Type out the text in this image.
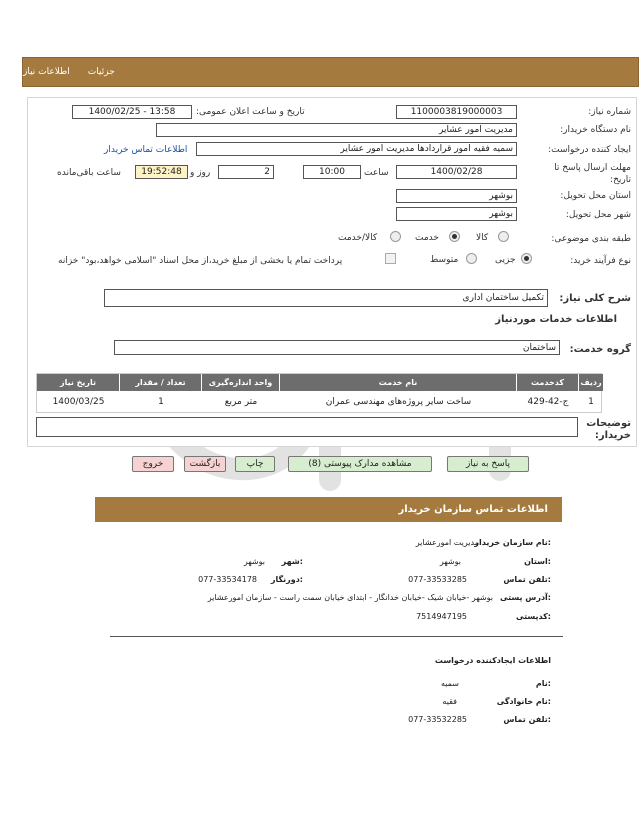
جزئیات
اطلاعات نیاز
شماره نیاز:
1100003819000003
تاریخ و ساعت اعلان عمومی:
1400/02/25 - 13:58
نام دستگاه خریدار:
مدیریت امور عشایر
ایجاد کننده درخواست:
سمیه فقیه امور قراردادها مدیریت امور عشایر
اطلاعات تماس خریدار
مهلت ارسال پاسخ تا تاریخ:
1400/02/28
ساعت
10:00
2
روز و
19:52:48
ساعت باقی‌مانده
استان محل تحویل:
بوشهر
شهر محل تحویل:
بوشهر
طبقه بندی موضوعی:
کالا
خدمت
کالا/خدمت
نوع فرآیند خرید:
جزیی
متوسط
پرداخت تمام یا بخشی از مبلغ خرید،از محل اسناد "اسلامی خواهد،بود" خزانه
شرح کلی نیاز:
تکمیل ساختمان اداری
اطلاعات خدمات موردنیاز
گروه خدمت:
ساختمان
تاریخ نیاز	تعداد / مقدار	واحد اندازه‌گیری	نام خدمت	کدخدمت	ردیف
1400/03/25	1	متر مربع	ساخت سایر پروژه‌های مهندسی عمران	ج-42-429	1
توضیحات خریدار:
پاسخ به نیاز
مشاهده مدارک پیوستی (8)
چاپ
بازگشت
خروج
اطلاعات تماس سازمان خریدار
نام سازمان خریدار:
مدیریت امورعشایر
استان:
بوشهر
شهر:
بوشهر
تلفن تماس:
077-33533285
دورنگار:
077-33534178
آدرس پستی:
بوشهر -خیابان شیک -خیابان خدانگار - ابتدای خیابان سمت راست - سازمان امورعشایر
کدپستی:
7514947195
اطلاعات ایجادکننده درخواست
نام:
سمیه
نام خانوادگی:
فقیه
تلفن تماس:
077-33532285
